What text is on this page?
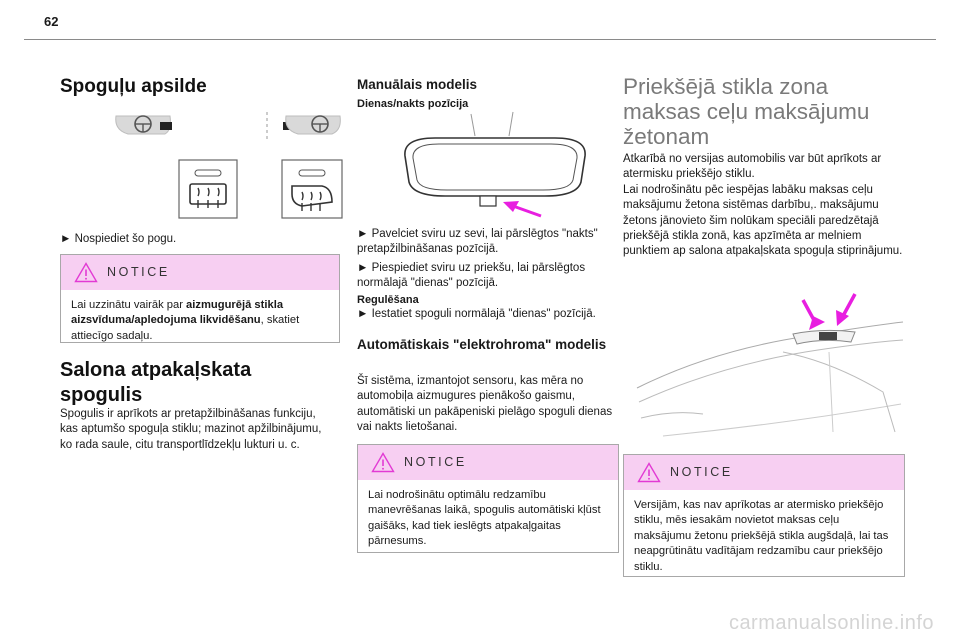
62
Spoguļu apsilde
► Nospiediet šo pogu.
NOTICE
Lai uzzinātu vairāk par aizmugurējā stikla aizsvīduma/apledojuma likvidēšanu, skatiet attiecīgo sadaļu.
Salona atpakaļskata spogulis
Spogulis ir aprīkots ar pretapžilbināšanas funkciju, kas aptumšo spoguļa stiklu; mazinot apžilbinājumu, ko rada saule, citu transportlīdzekļu lukturi u. c.
Manuālais modelis
Dienas/nakts pozīcija
► Pavelciet sviru uz sevi, lai pārslēgtos "nakts" pretapžilbināšanas pozīcijā.
► Piespiediet sviru uz priekšu, lai pārslēgtos normālajā "dienas" pozīcijā.
Regulēšana
► Iestatiet spoguli normālajā "dienas" pozīcijā.
Automātiskais "elektrohroma" modelis
Šī sistēma, izmantojot sensoru, kas mēra no automobiļa aizmugures pienākošo gaismu, automātiski un pakāpeniski pielāgo spoguli dienas vai nakts lietošanai.
NOTICE
Lai nodrošinātu optimālu redzamību manevrēšanas laikā, spogulis automātiski kļūst gaišāks, kad tiek ieslēgts atpakaļgaitas pārnesums.
Priekšējā stikla zona maksas ceļu maksājumu žetonam
Atkarībā no versijas automobilis var būt aprīkots ar atermisku priekšējo stiklu.
Lai nodrošinātu pēc iespējas labāku maksas ceļu maksājumu žetona sistēmas darbību,. maksājumu žetons jānovieto šim nolūkam speciāli paredzētajā priekšējā stikla zonā, kas apzīmēta ar melniem punktiem ap salona atpakaļskata spoguļa stiprinājumu.
NOTICE
Versijām, kas nav aprīkotas ar atermisko priekšējo stiklu, mēs iesakām novietot maksas ceļu maksājumu žetonu priekšējā stikla augšdaļā, lai tas neapgrūtinātu vadītājam redzamību caur priekšējo stiklu.
carmanualsonline.info
